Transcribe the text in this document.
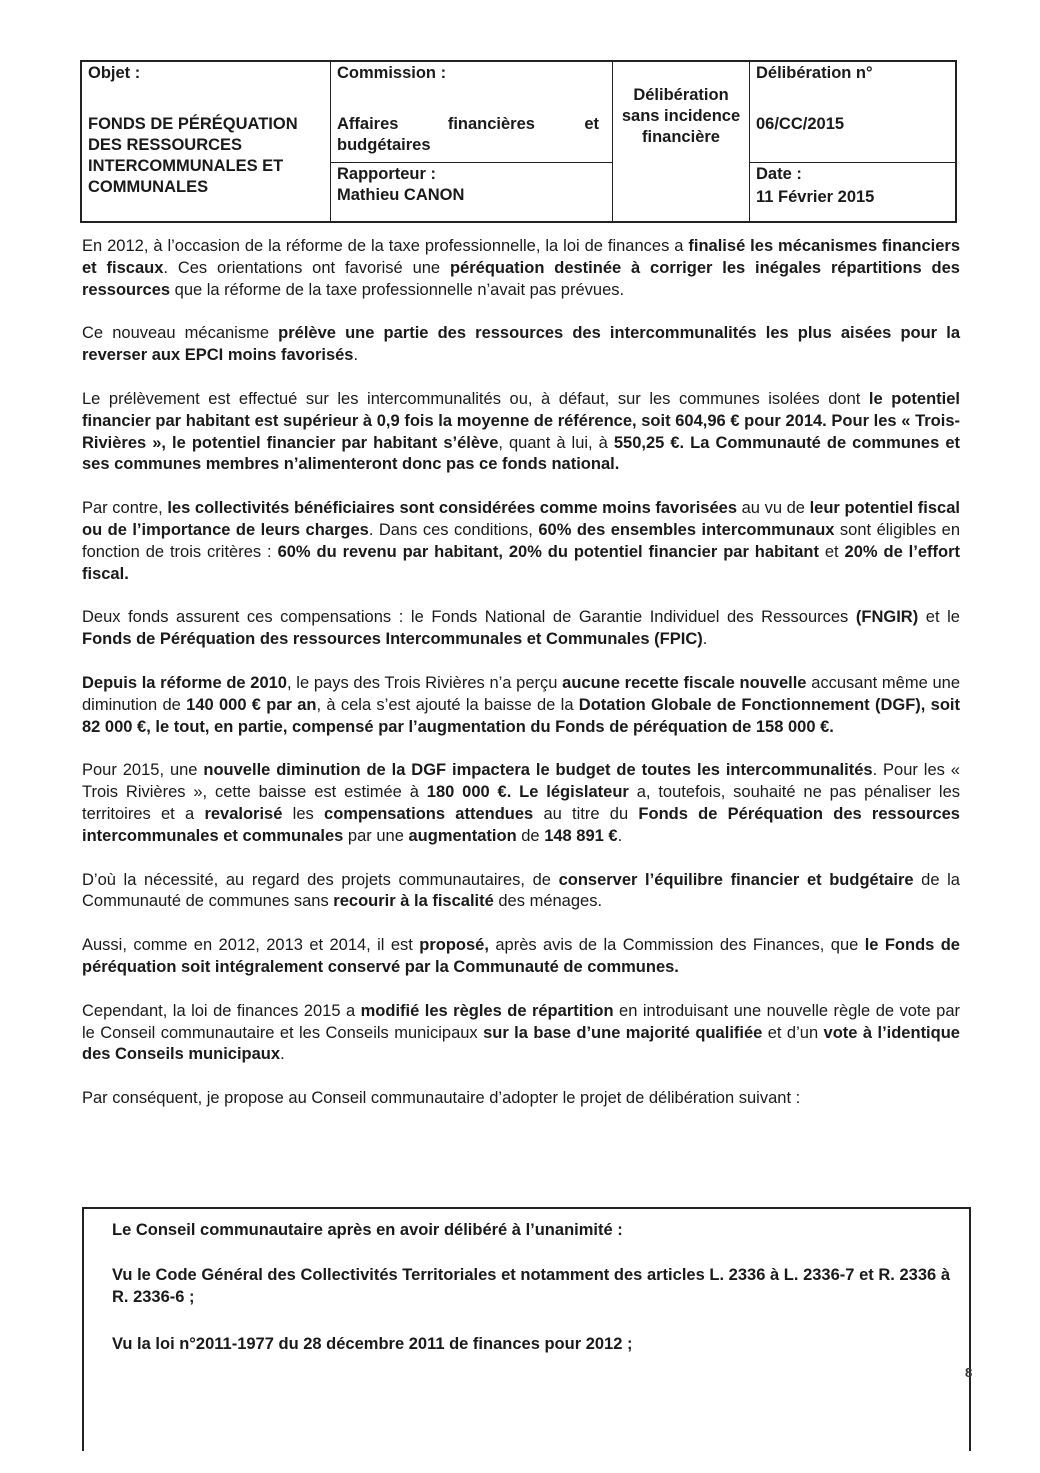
Objet :
FONDS DE PÉRÉQUATION DES RESSOURCES INTERCOMMUNALES ET COMMUNALES
Commission :
Affaires financières et budgétaires
Rapporteur :
Mathieu CANON
Délibération sans incidence financière
Délibération n°
06/CC/2015
Date :
11 Février 2015

En 2012, à l’occasion de la réforme de la taxe professionnelle, la loi de finances a finalisé les mécanismes financiers et fiscaux. Ces orientations ont favorisé une péréquation destinée à corriger les inégales répartitions des ressources que la réforme de la taxe professionnelle n’avait pas prévues.

Ce nouveau mécanisme prélève une partie des ressources des intercommunalités les plus aisées pour la reverser aux EPCI moins favorisés.

Le prélèvement est effectué sur les intercommunalités ou, à défaut, sur les communes isolées dont le potentiel financier par habitant est supérieur à 0,9 fois la moyenne de référence, soit 604,96 € pour 2014. Pour les « Trois- Rivières », le potentiel financier par habitant s’élève, quant à lui, à 550,25 €. La Communauté de communes et ses communes membres n’alimenteront donc pas ce fonds national.

Par contre, les collectivités bénéficiaires sont considérées comme moins favorisées au vu de leur potentiel fiscal ou de l’importance de leurs charges. Dans ces conditions, 60% des ensembles intercommunaux sont éligibles en fonction de trois critères : 60% du revenu par habitant, 20% du potentiel financier par habitant et 20% de l’effort fiscal.

Deux fonds assurent ces compensations : le Fonds National de Garantie Individuel des Ressources (FNGIR) et le Fonds de Péréquation des ressources Intercommunales et Communales (FPIC).

Depuis la réforme de 2010, le pays des Trois Rivières n’a perçu aucune recette fiscale nouvelle accusant même une diminution de 140 000 € par an, à cela s’est ajouté la baisse de la Dotation Globale de Fonctionnement (DGF), soit 82 000 €, le tout, en partie, compensé par l’augmentation du Fonds de péréquation de 158 000 €.

Pour 2015, une nouvelle diminution de la DGF impactera le budget de toutes les intercommunalités. Pour les « Trois Rivières », cette baisse est estimée à 180 000 €. Le législateur a, toutefois, souhaité ne pas pénaliser les territoires et a revalorisé les compensations attendues au titre du Fonds de Péréquation des ressources intercommunales et communales par une augmentation de 148 891 €.

D’où la nécessité, au regard des projets communautaires, de conserver l’équilibre financier et budgétaire de la Communauté de communes sans recourir à la fiscalité des ménages.

Aussi, comme en 2012, 2013 et 2014, il est proposé, après avis de la Commission des Finances, que le Fonds de péréquation soit intégralement conservé par la Communauté de communes.

Cependant, la loi de finances 2015 a modifié les règles de répartition en introduisant une nouvelle règle de vote par le Conseil communautaire et les Conseils municipaux sur la base d’une majorité qualifiée et d’un vote à l’identique des Conseils municipaux.

Par conséquent, je propose au Conseil communautaire d’adopter le projet de délibération suivant :

Le Conseil communautaire après en avoir délibéré à l’unanimité :

Vu le Code Général des Collectivités Territoriales et notamment des articles L. 2336 à L. 2336-7 et R. 2336 à R. 2336-6 ;

Vu la loi n°2011-1977 du 28 décembre 2011 de finances pour 2012 ;

8
